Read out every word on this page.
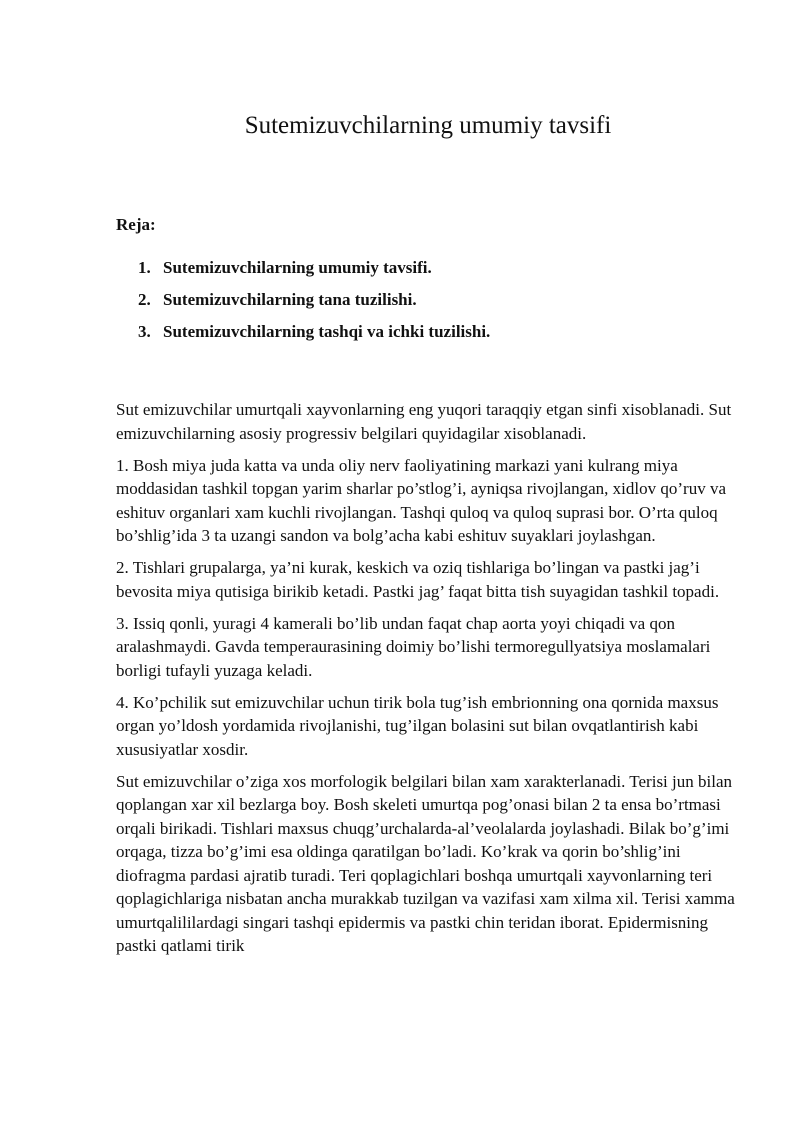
Sutemizuvchilarning umumiy tavsifi

Reja:

1. Sutemizuvchilarning umumiy tavsifi.
2. Sutemizuvchilarning tana tuzilishi.
3. Sutemizuvchilarning tashqi va ichki tuzilishi.

Sut emizuvchilar umurtqali xayvonlarning eng yuqori taraqqiy etgan sinfi xisoblanadi. Sut emizuvchilarning asosiy progressiv belgilari quyidagilar xisoblanadi.

1. Bosh miya juda katta va unda oliy nerv faoliyatining markazi yani kulrang miya moddasidan tashkil topgan yarim sharlar po’stlog’i, ayniqsa rivojlangan, xidlov qo’ruv va eshituv organlari xam kuchli rivojlangan. Tashqi quloq va quloq suprasi bor. O’rta quloq bo’shlig’ida 3 ta uzangi sandon va bolg’acha kabi eshituv suyaklari joylashgan.

2. Tishlari grupalarga, ya’ni kurak, keskich va oziq tishlariga bo’lingan va pastki jag’i bevosita miya qutisiga birikib ketadi. Pastki jag’ faqat bitta tish suyagidan tashkil topadi.

3. Issiq qonli, yuragi 4 kamerali bo’lib undan faqat chap aorta yoyi chiqadi va qon aralashmaydi. Gavda temperaurasining doimiy bo’lishi termoregullyatsiya moslamalari borligi tufayli yuzaga keladi.

4. Ko’pchilik sut emizuvchilar uchun tirik bola tug’ish embrionning ona qornida maxsus organ yo’ldosh yordamida rivojlanishi, tug’ilgan bolasini sut bilan ovqatlantirish kabi xususiyatlar xosdir.

Sut emizuvchilar o’ziga xos morfologik belgilari bilan xam xarakterlanadi. Terisi jun bilan qoplangan xar xil bezlarga boy. Bosh skeleti umurtqa pog’onasi bilan 2 ta ensa bo’rtmasi orqali birikadi. Tishlari maxsus chuqg’urchalarda-al’veolalarda joylashadi. Bilak bo’g’imi orqaga, tizza bo’g’imi esa oldinga qaratilgan bo’ladi. Ko’krak va qorin bo’shlig’ini diofragma pardasi ajratib turadi. Teri qoplagichlari boshqa umurtqali xayvonlarning teri qoplagichlariga nisbatan ancha murakkab tuzilgan va vazifasi xam xilma xil. Terisi xamma umurtqalililardagi singari tashqi epidermis va pastki chin teridan iborat. Epidermisning pastki qatlami tirik
